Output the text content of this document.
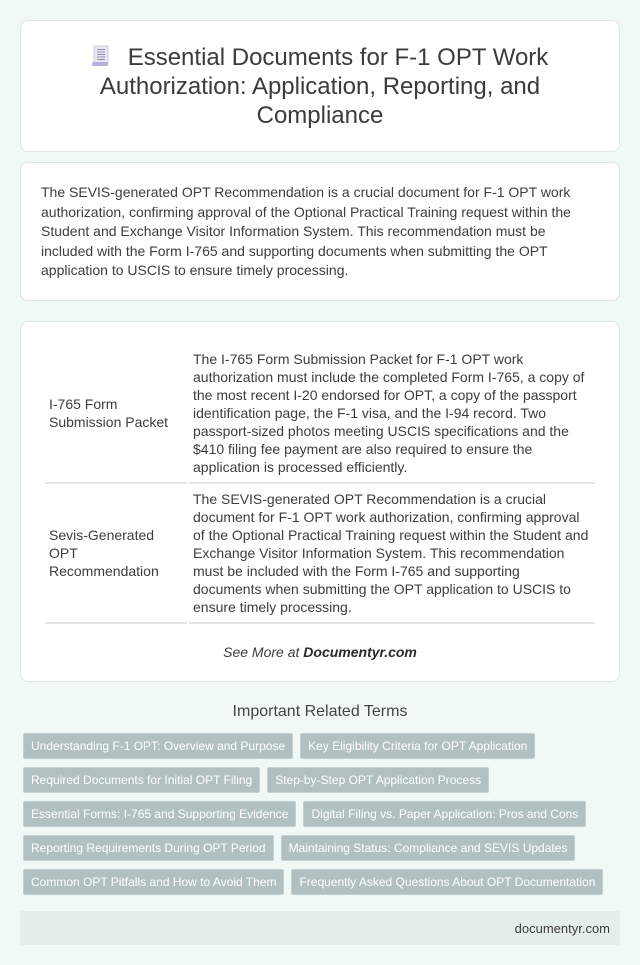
Essential Documents for F-1 OPT Work Authorization: Application, Reporting, and Compliance

The SEVIS-generated OPT Recommendation is a crucial document for F-1 OPT work authorization, confirming approval of the Optional Practical Training request within the Student and Exchange Visitor Information System. This recommendation must be included with the Form I-765 and supporting documents when submitting the OPT application to USCIS to ensure timely processing.

I-765 Form Submission Packet	The I-765 Form Submission Packet for F-1 OPT work authorization must include the completed Form I-765, a copy of the most recent I-20 endorsed for OPT, a copy of the passport identification page, the F-1 visa, and the I-94 record. Two passport-sized photos meeting USCIS specifications and the $410 filing fee payment are also required to ensure the application is processed efficiently.
Sevis-Generated OPT Recommendation	The SEVIS-generated OPT Recommendation is a crucial document for F-1 OPT work authorization, confirming approval of the Optional Practical Training request within the Student and Exchange Visitor Information System. This recommendation must be included with the Form I-765 and supporting documents when submitting the OPT application to USCIS to ensure timely processing.
See More at Documentyr.com
Important Related Terms
Understanding F-1 OPT: Overview and Purpose	Key Eligibility Criteria for OPT Application
Required Documents for Initial OPT Filing	Step-by-Step OPT Application Process
Essential Forms: I-765 and Supporting Evidence	Digital Filing vs. Paper Application: Pros and Cons
Reporting Requirements During OPT Period	Maintaining Status: Compliance and SEVIS Updates
Common OPT Pitfalls and How to Avoid Them	Frequently Asked Questions About OPT Documentation
documentyr.com
